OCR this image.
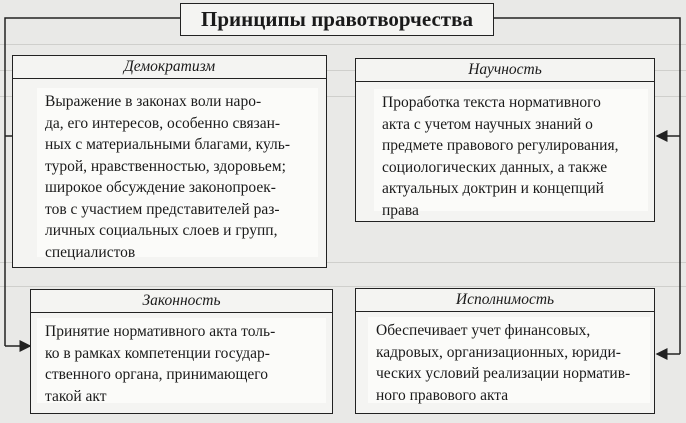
Принципы правотворчества
Демократизм
Выражение в законах воли наро-
да, его интересов, особенно связан-
ных с материальными благами, куль-
турой, нравственностью, здоровьем;
широкое обсуждение законопроек-
тов с участием представителей раз-
личных социальных слоев и групп,
специалистов
Научность
Проработка текста нормативного
акта с учетом научных знаний о
предмете правового регулирования,
социологических данных, а также
актуальных доктрин и концепций
права
Законность
Принятие нормативного акта толь-
ко в рамках компетенции государ-
ственного органа, принимающего
такой акт
Исполнимость
Обеспечивает учет финансовых,
кадровых, организационных, юриди-
ческих условий реализации норматив-
ного правового акта
